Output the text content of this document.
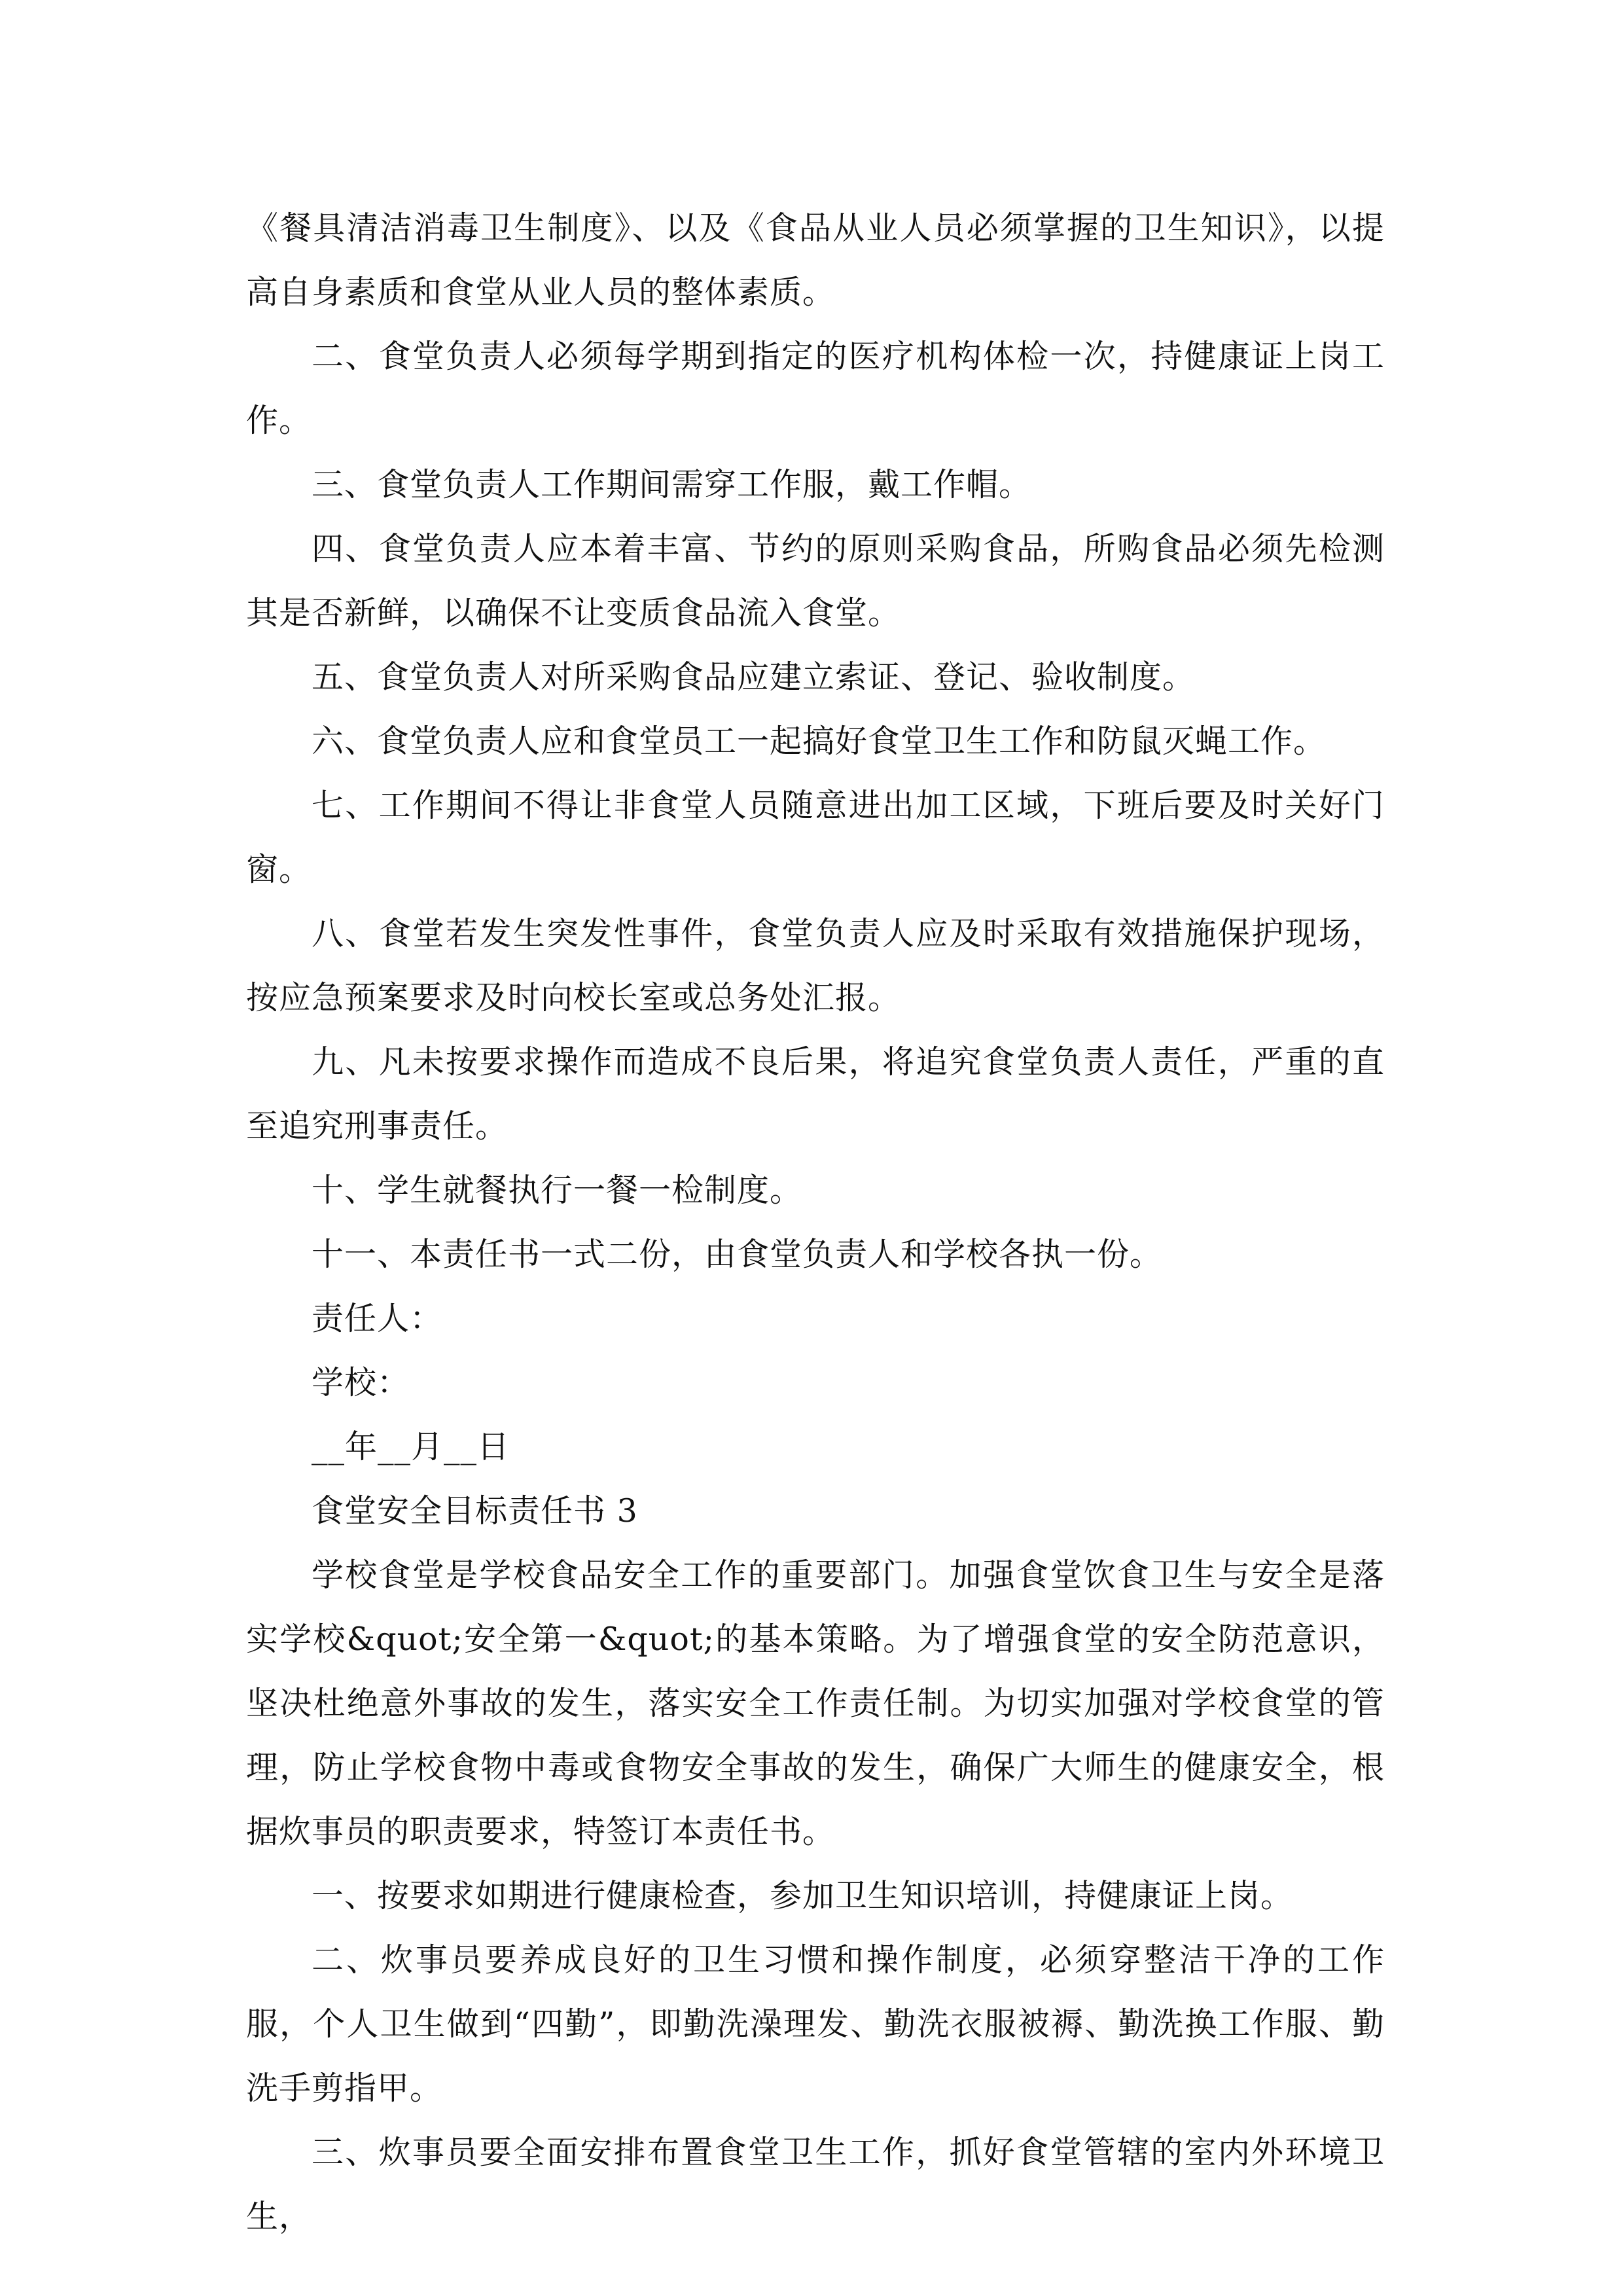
《餐具清洁消毒卫生制度》、以及《食品从业人员必须掌握的卫生知识》，以提高自身素质和食堂从业人员的整体素质。

二、食堂负责人必须每学期到指定的医疗机构体检一次，持健康证上岗工作。

三、食堂负责人工作期间需穿工作服，戴工作帽。

四、食堂负责人应本着丰富、节约的原则采购食品，所购食品必须先检测其是否新鲜，以确保不让变质食品流入食堂。

五、食堂负责人对所采购食品应建立索证、登记、验收制度。

六、食堂负责人应和食堂员工一起搞好食堂卫生工作和防鼠灭蝇工作。

七、工作期间不得让非食堂人员随意进出加工区域，下班后要及时关好门窗。

八、食堂若发生突发性事件，食堂负责人应及时采取有效措施保护现场，按应急预案要求及时向校长室或总务处汇报。

九、凡未按要求操作而造成不良后果，将追究食堂负责人责任，严重的直至追究刑事责任。

十、学生就餐执行一餐一检制度。

十一、本责任书一式二份，由食堂负责人和学校各执一份。

责任人：

学校：

__年__月__日

食堂安全目标责任书 3

学校食堂是学校食品安全工作的重要部门。加强食堂饮食卫生与安全是落实学校&quot;安全第一&quot;的基本策略。为了增强食堂的安全防范意识，坚决杜绝意外事故的发生，落实安全工作责任制。为切实加强对学校食堂的管理，防止学校食物中毒或食物安全事故的发生，确保广大师生的健康安全，根据炊事员的职责要求，特签订本责任书。

一、按要求如期进行健康检查，参加卫生知识培训，持健康证上岗。

二、炊事员要养成良好的卫生习惯和操作制度，必须穿整洁干净的工作服，个人卫生做到“四勤”，即勤洗澡理发、勤洗衣服被褥、勤洗换工作服、勤洗手剪指甲。

三、炊事员要全面安排布置食堂卫生工作，抓好食堂管辖的室内外环境卫生，
